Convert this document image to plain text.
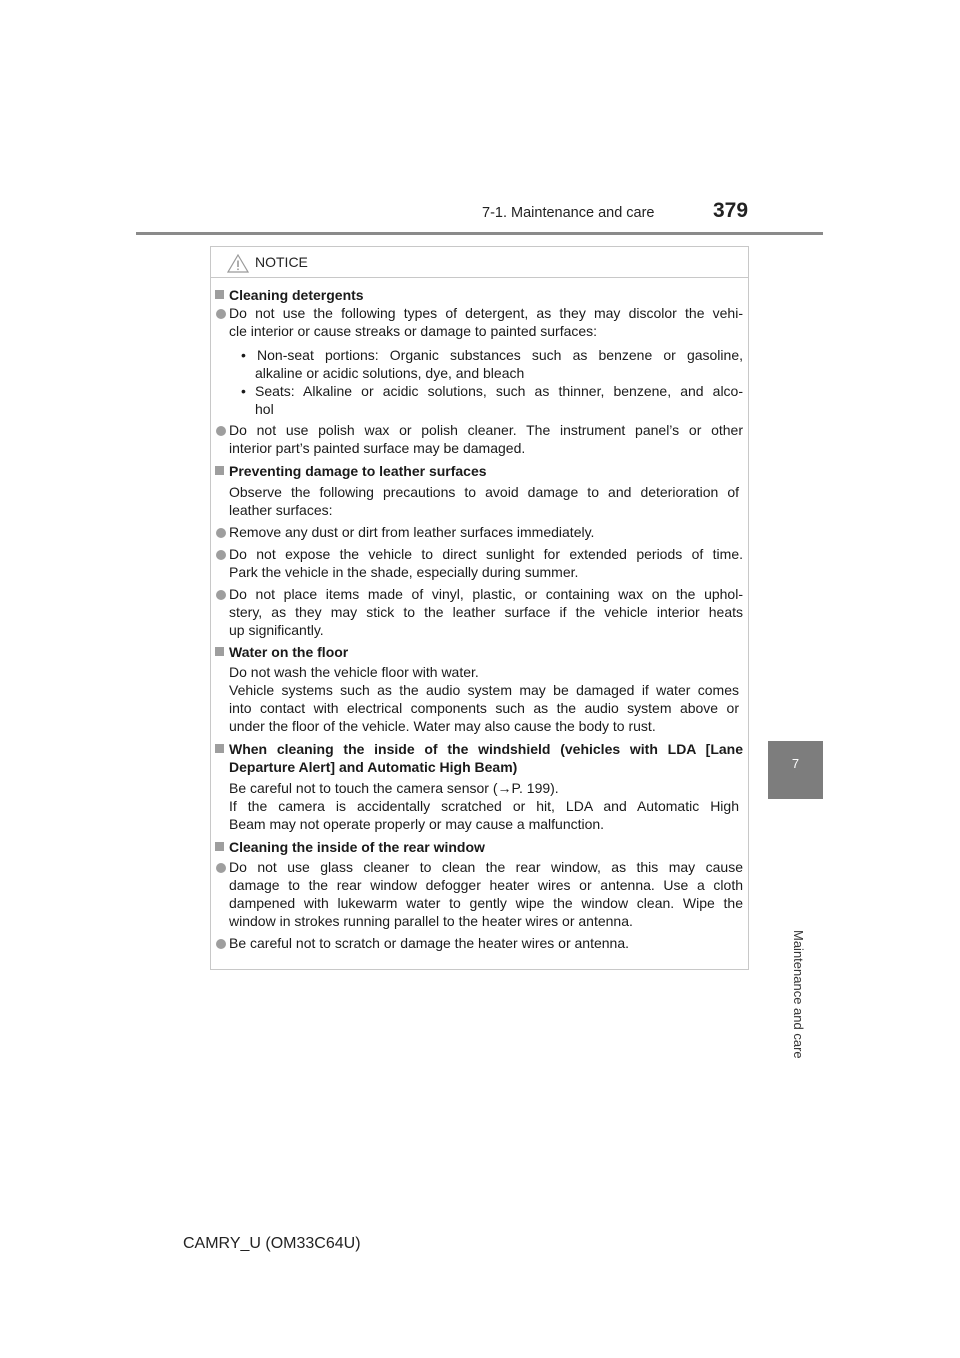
7-1. Maintenance and care	379
7
Maintenance and care
NOTICE
Cleaning detergents
Do not use the following types of detergent, as they may discolor the vehi-
cle interior or cause streaks or damage to painted surfaces:
• Non-seat portions: Organic substances such as benzene or gasoline,
alkaline or acidic solutions, dye, and bleach
• Seats: Alkaline or acidic solutions, such as thinner, benzene, and alco-
hol
Do not use polish wax or polish cleaner. The instrument panel’s or other
interior part’s painted surface may be damaged.
Preventing damage to leather surfaces
Observe the following precautions to avoid damage to and deterioration of
leather surfaces:
Remove any dust or dirt from leather surfaces immediately.
Do not expose the vehicle to direct sunlight for extended periods of time.
Park the vehicle in the shade, especially during summer.
Do not place items made of vinyl, plastic, or containing wax on the uphol-
stery, as they may stick to the leather surface if the vehicle interior heats
up significantly.
Water on the floor
Do not wash the vehicle floor with water.
Vehicle systems such as the audio system may be damaged if water comes
into contact with electrical components such as the audio system above or
under the floor of the vehicle. Water may also cause the body to rust.
When cleaning the inside of the windshield (vehicles with LDA [Lane
Departure Alert] and Automatic High Beam)
Be careful not to touch the camera sensor (→P. 199).
If the camera is accidentally scratched or hit, LDA and Automatic High
Beam may not operate properly or may cause a malfunction.
Cleaning the inside of the rear window
Do not use glass cleaner to clean the rear window, as this may cause
damage to the rear window defogger heater wires or antenna. Use a cloth
dampened with lukewarm water to gently wipe the window clean. Wipe the
window in strokes running parallel to the heater wires or antenna.
Be careful not to scratch or damage the heater wires or antenna.
CAMRY_U (OM33C64U)
